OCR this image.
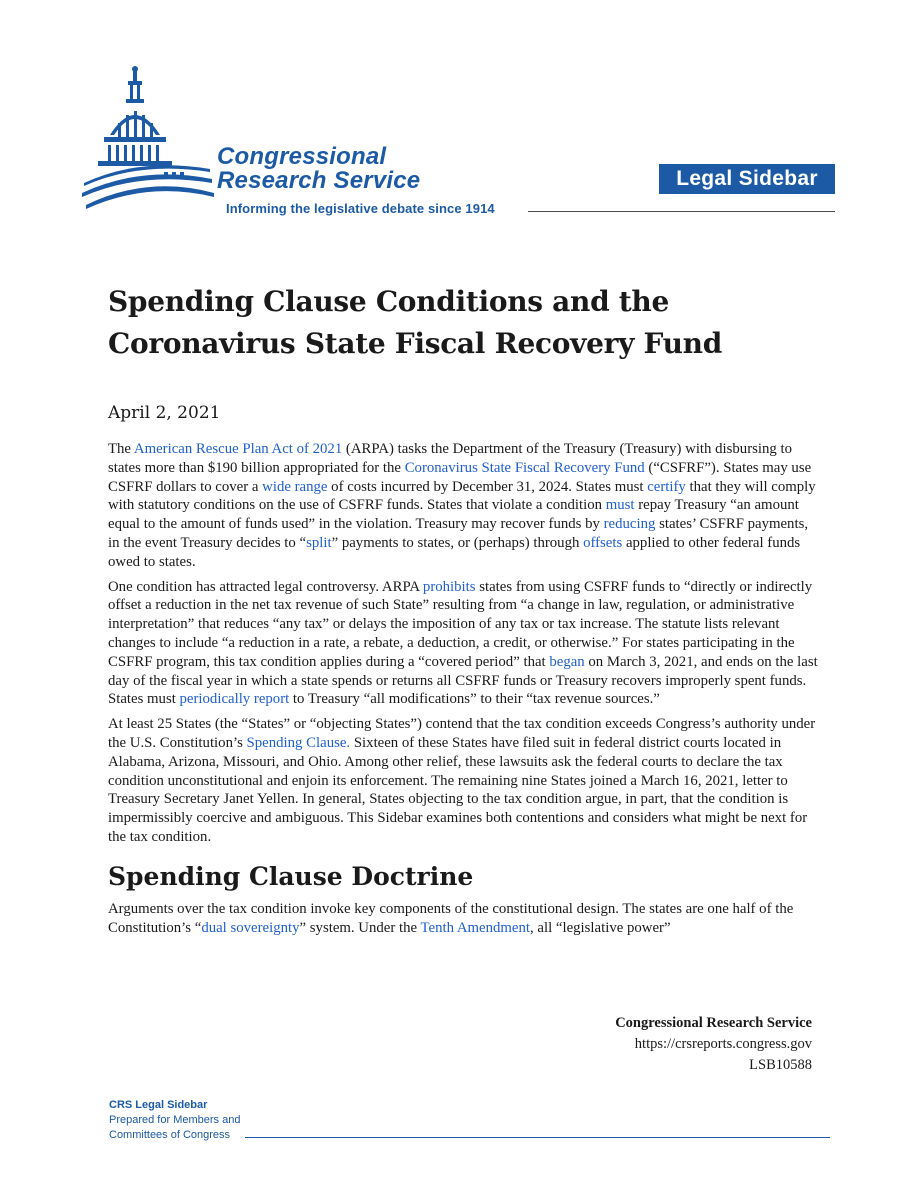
Congressional
Research Service
Informing the legislative debate since 1914
Legal Sidebar
Spending Clause Conditions and the Coronavirus State Fiscal Recovery Fund
April 2, 2021

The American Rescue Plan Act of 2021 (ARPA) tasks the Department of the Treasury (Treasury) with disbursing to states more than $190 billion appropriated for the Coronavirus State Fiscal Recovery Fund (“CSFRF”). States may use CSFRF dollars to cover a wide range of costs incurred by December 31, 2024. States must certify that they will comply with statutory conditions on the use of CSFRF funds. States that violate a condition must repay Treasury “an amount equal to the amount of funds used” in the violation. Treasury may recover funds by reducing states’ CSFRF payments, in the event Treasury decides to “split” payments to states, or (perhaps) through offsets applied to other federal funds owed to states.

One condition has attracted legal controversy. ARPA prohibits states from using CSFRF funds to “directly or indirectly offset a reduction in the net tax revenue of such State” resulting from “a change in law, regulation, or administrative interpretation” that reduces “any tax” or delays the imposition of any tax or tax increase. The statute lists relevant changes to include “a reduction in a rate, a rebate, a deduction, a credit, or otherwise.” For states participating in the CSFRF program, this tax condition applies during a “covered period” that began on March 3, 2021, and ends on the last day of the fiscal year in which a state spends or returns all CSFRF funds or Treasury recovers improperly spent funds. States must periodically report to Treasury “all modifications” to their “tax revenue sources.”

At least 25 States (the “States” or “objecting States”) contend that the tax condition exceeds Congress’s authority under the U.S. Constitution’s Spending Clause. Sixteen of these States have filed suit in federal district courts located in Alabama, Arizona, Missouri, and Ohio. Among other relief, these lawsuits ask the federal courts to declare the tax condition unconstitutional and enjoin its enforcement. The remaining nine States joined a March 16, 2021, letter to Treasury Secretary Janet Yellen. In general, States objecting to the tax condition argue, in part, that the condition is impermissibly coercive and ambiguous. This Sidebar examines both contentions and considers what might be next for the tax condition.

Spending Clause Doctrine

Arguments over the tax condition invoke key components of the constitutional design. The states are one half of the Constitution’s “dual sovereignty” system. Under the Tenth Amendment, all “legislative power”

Congressional Research Service
https://crsreports.congress.gov
LSB10588
CRS Legal Sidebar
Prepared for Members and
Committees of Congress
